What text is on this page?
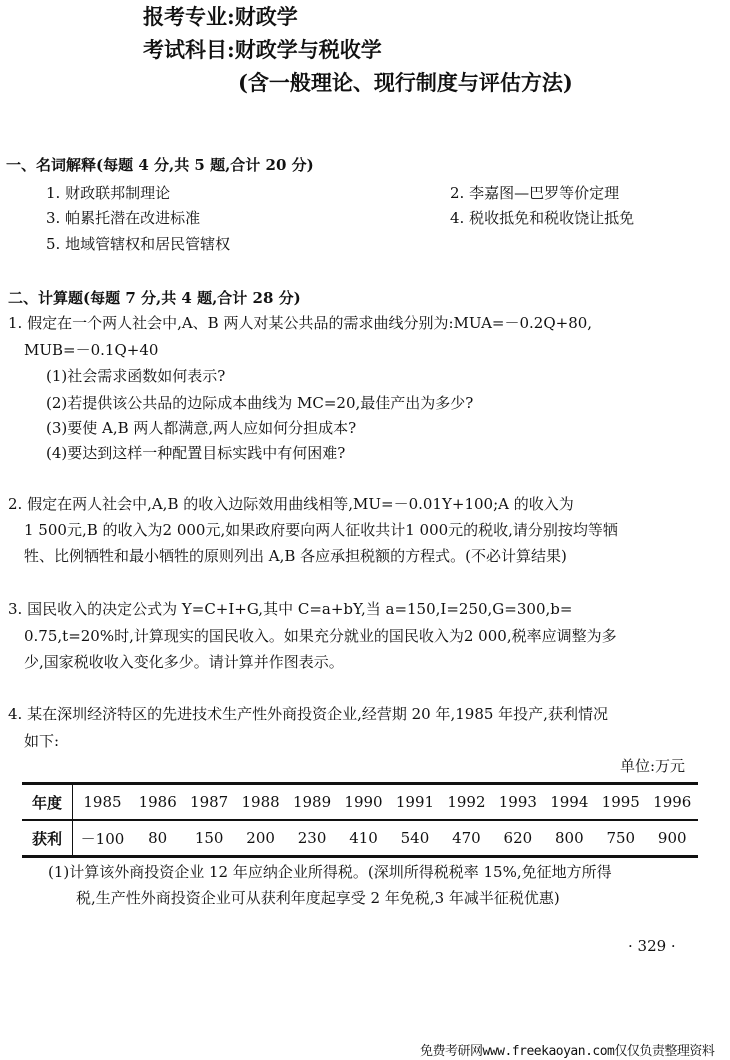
报考专业:财政学
考试科目:财政学与税收学
(含一般理论、现行制度与评估方法)
一、名词解释(每题 4 分,共 5 题,合计 20 分)
1. 财政联邦制理论	2. 李嘉图—巴罗等价定理
3. 帕累托潜在改进标准	4. 税收抵免和税收饶让抵免
5. 地域管辖权和居民管辖权
二、计算题(每题 7 分,共 4 题,合计 28 分)
1. 假定在一个两人社会中,A、B 两人对某公共品的需求曲线分别为:MUA=－0.2Q+80,
MUB=－0.1Q+40
(1)社会需求函数如何表示?
(2)若提供该公共品的边际成本曲线为 MC=20,最佳产出为多少?
(3)要使 A,B 两人都满意,两人应如何分担成本?
(4)要达到这样一种配置目标实践中有何困难?
2. 假定在两人社会中,A,B 的收入边际效用曲线相等,MU=－0.01Y+100;A 的收入为
1 500元,B 的收入为2 000元,如果政府要向两人征收共计1 000元的税收,请分别按均等牺
牲、比例牺牲和最小牺牲的原则列出 A,B 各应承担税额的方程式。(不必计算结果)
3. 国民收入的决定公式为 Y=C+I+G,其中 C=a+bY,当 a=150,I=250,G=300,b=
0.75,t=20%时,计算现实的国民收入。如果充分就业的国民收入为2 000,税率应调整为多
少,国家税收收入变化多少。请计算并作图表示。
4. 某在深圳经济特区的先进技术生产性外商投资企业,经营期 20 年,1985 年投产,获利情况
如下:
单位:万元
年度	1985	1986	1987	1988	1989	1990	1991	1992	1993	1994	1995	1996
获利	－100	80	150	200	230	410	540	470	620	800	750	900
(1)计算该外商投资企业 12 年应纳企业所得税。(深圳所得税税率 15%,免征地方所得
税,生产性外商投资企业可从获利年度起享受 2 年免税,3 年减半征税优惠)
· 329 ·
免费考研网www.freekaoyan.com仅仅负责整理资料
